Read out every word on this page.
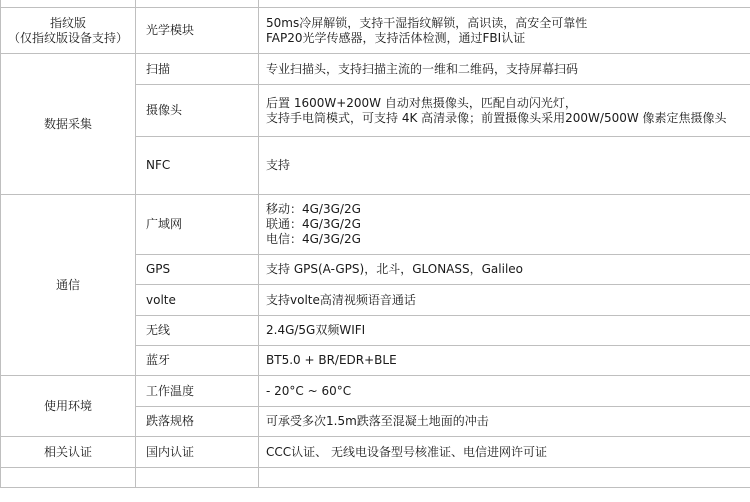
指纹版
（仅指纹版设备支持）	光学模块	50ms冷屏解锁，支持干湿指纹解锁，高识读，高安全可靠性
FAP20光学传感器，支持活体检测，通过FBI认证

数据采集	扫描	专业扫描头，支持扫描主流的一维和二维码，支持屏幕扫码
	摄像头	后置 1600W+200W 自动对焦摄像头，匹配自动闪光灯，
支持手电筒模式，可支持 4K 高清录像；前置摄像头采用200W/500W 像素定焦摄像头

	NFC	支持
通信	广域网	移动：4G/3G/2G
联通：4G/3G/2G
电信：4G/3G/2G

	GPS	支持 GPS(A-GPS)，北斗，GLONASS，Galileo
	volte	支持volte高清视频语音通话
	无线	2.4G/5G双频WIFI
	蓝牙	BT5.0 + BR/EDR+BLE
使用环境	工作温度	- 20°C ~ 60°C
	跌落规格	可承受多次1.5m跌落至混凝土地面的冲击
相关认证	国内认证	CCC认证、 无线电设备型号核准证、电信进网许可证
